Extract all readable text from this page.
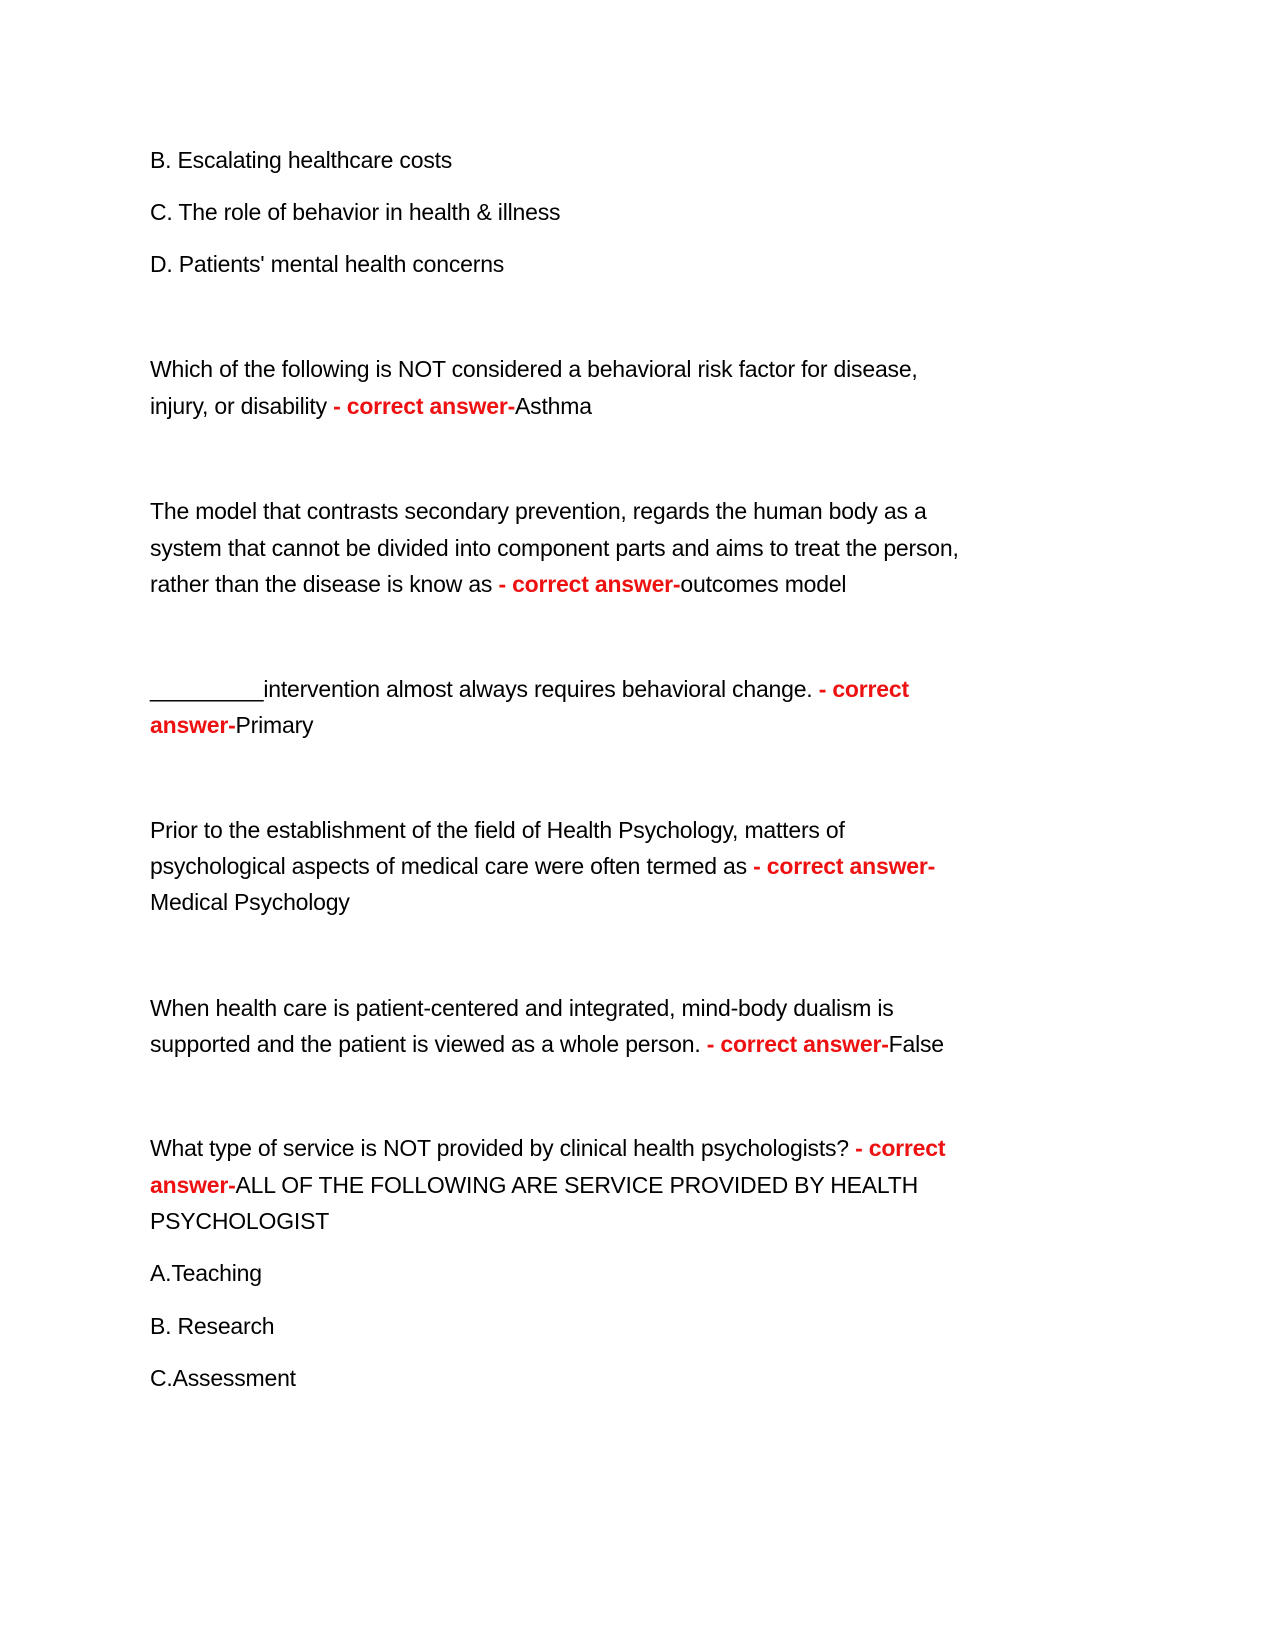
B. Escalating healthcare costs
C. The role of behavior in health & illness
D. Patients' mental health concerns
Which of the following is NOT considered a behavioral risk factor for disease,
injury, or disability - correct answer-Asthma
The model that contrasts secondary prevention, regards the human body as a
system that cannot be divided into component parts and aims to treat the person,
rather than the disease is know as - correct answer-outcomes model
_________intervention almost always requires behavioral change. - correct
answer-Primary
Prior to the establishment of the field of Health Psychology, matters of
psychological aspects of medical care were often termed as - correct answer-
Medical Psychology
When health care is patient-centered and integrated, mind-body dualism is
supported and the patient is viewed as a whole person. - correct answer-False
What type of service is NOT provided by clinical health psychologists? - correct
answer-ALL OF THE FOLLOWING ARE SERVICE PROVIDED BY HEALTH
PSYCHOLOGIST
A.Teaching
B. Research
C.Assessment
